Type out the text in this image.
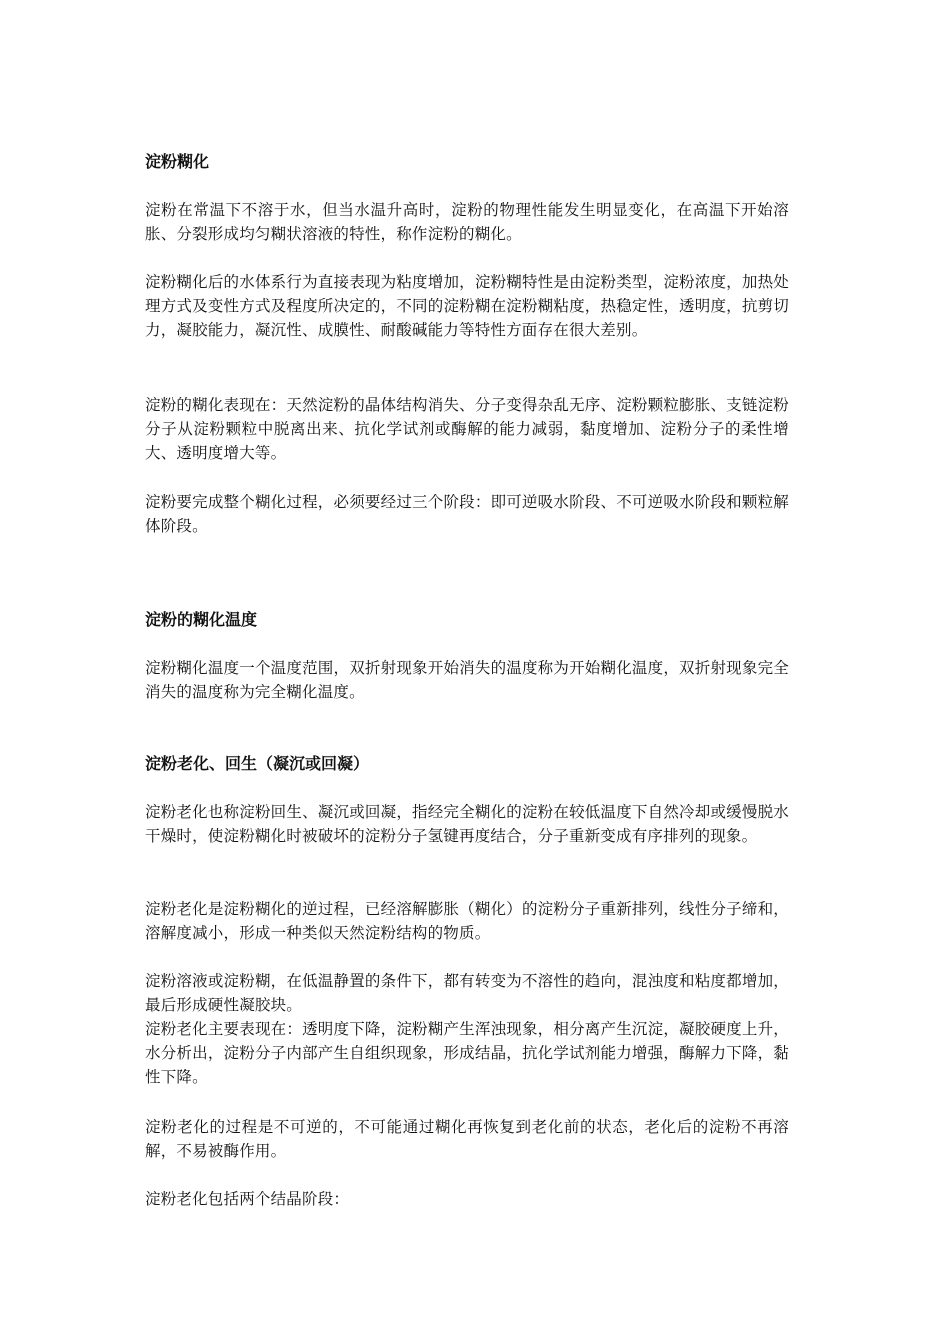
淀粉糊化

淀粉在常温下不溶于水，但当水温升高时，淀粉的物理性能发生明显变化，在高温下开始溶胀、分裂形成均匀糊状溶液的特性，称作淀粉的糊化。

淀粉糊化后的水体系行为直接表现为粘度增加，淀粉糊特性是由淀粉类型，淀粉浓度，加热处理方式及变性方式及程度所决定的，不同的淀粉糊在淀粉糊粘度，热稳定性，透明度，抗剪切力，凝胶能力，凝沉性、成膜性、耐酸碱能力等特性方面存在很大差别。

淀粉的糊化表现在：天然淀粉的晶体结构消失、分子变得杂乱无序、淀粉颗粒膨胀、支链淀粉分子从淀粉颗粒中脱离出来、抗化学试剂或酶解的能力减弱，黏度增加、淀粉分子的柔性增大、透明度增大等。

淀粉要完成整个糊化过程，必须要经过三个阶段：即可逆吸水阶段、不可逆吸水阶段和颗粒解体阶段。

淀粉的糊化温度

淀粉糊化温度一个温度范围，双折射现象开始消失的温度称为开始糊化温度，双折射现象完全消失的温度称为完全糊化温度。

淀粉老化、回生（凝沉或回凝）

淀粉老化也称淀粉回生、凝沉或回凝，指经完全糊化的淀粉在较低温度下自然冷却或缓慢脱水干燥时，使淀粉糊化时被破坏的淀粉分子氢键再度结合，分子重新变成有序排列的现象。

淀粉老化是淀粉糊化的逆过程，已经溶解膨胀（糊化）的淀粉分子重新排列，线性分子缔和，溶解度减小，形成一种类似天然淀粉结构的物质。

淀粉溶液或淀粉糊，在低温静置的条件下，都有转变为不溶性的趋向，混浊度和粘度都增加，最后形成硬性凝胶块。

淀粉老化主要表现在：透明度下降，淀粉糊产生浑浊现象，相分离产生沉淀，凝胶硬度上升，水分析出，淀粉分子内部产生自组织现象，形成结晶，抗化学试剂能力增强，酶解力下降，黏性下降。

淀粉老化的过程是不可逆的，不可能通过糊化再恢复到老化前的状态，老化后的淀粉不再溶解，不易被酶作用。

淀粉老化包括两个结晶阶段：
